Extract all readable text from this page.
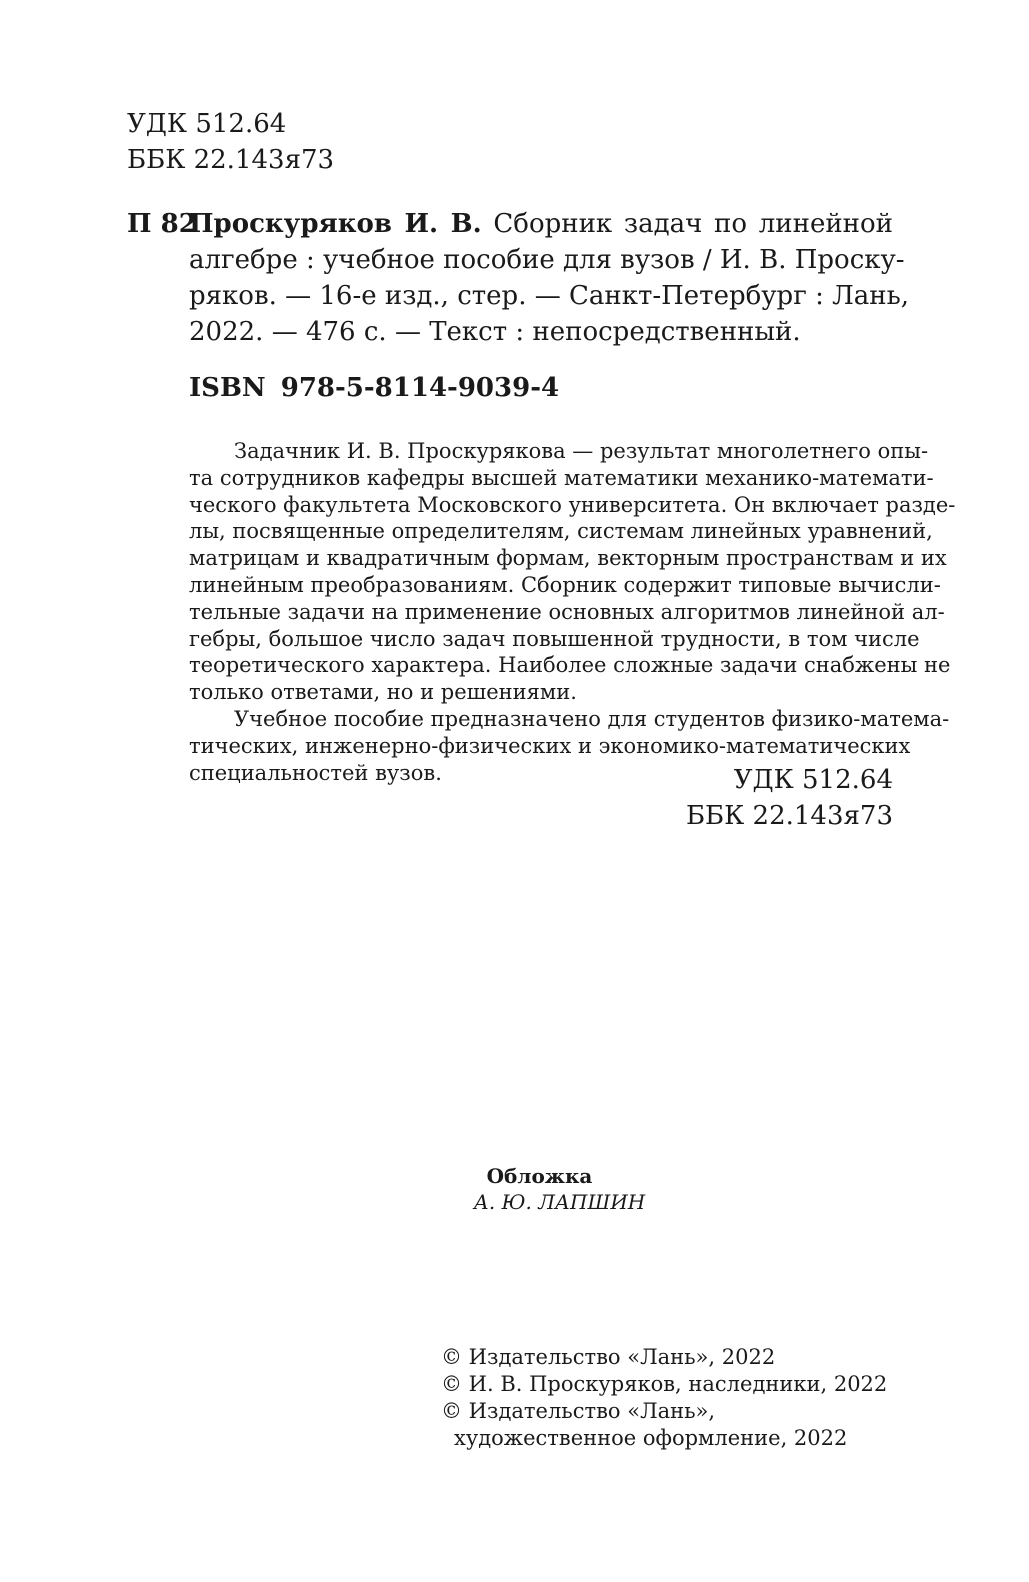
УДК 512.64
ББК 22.143я73
П 82
Проскуряков И. В. Сборник задач по линейной
алгебре : учебное пособие для вузов / И. В. Проску-
ряков. — 16-е изд., стер. — Санкт-Петербург : Лань,
2022. — 476 с. — Текст : непосредственный.
ISBN 978-5-8114-9039-4
Задачник И. В. Проскурякова — результат многолетнего опы-
та сотрудников кафедры высшей математики механико-математи-
ческого факультета Московского университета. Он включает разде-
лы, посвященные определителям, системам линейных уравнений,
матрицам и квадратичным формам, векторным пространствам и их
линейным преобразованиям. Сборник содержит типовые вычисли-
тельные задачи на применение основных алгоритмов линейной ал-
гебры, большое число задач повышенной трудности, в том числе
теоретического характера. Наиболее сложные задачи снабжены не
только ответами, но и решениями.
Учебное пособие предназначено для студентов физико-матема-
тических, инженерно-физических и экономико-математических
специальностей вузов.	УДК 512.64
ББК 22.143я73
Обложка
А. Ю. ЛАПШИН
© Издательство «Лань», 2022
© И. В. Проскуряков, наследники, 2022
© Издательство «Лань»,
художественное оформление, 2022
